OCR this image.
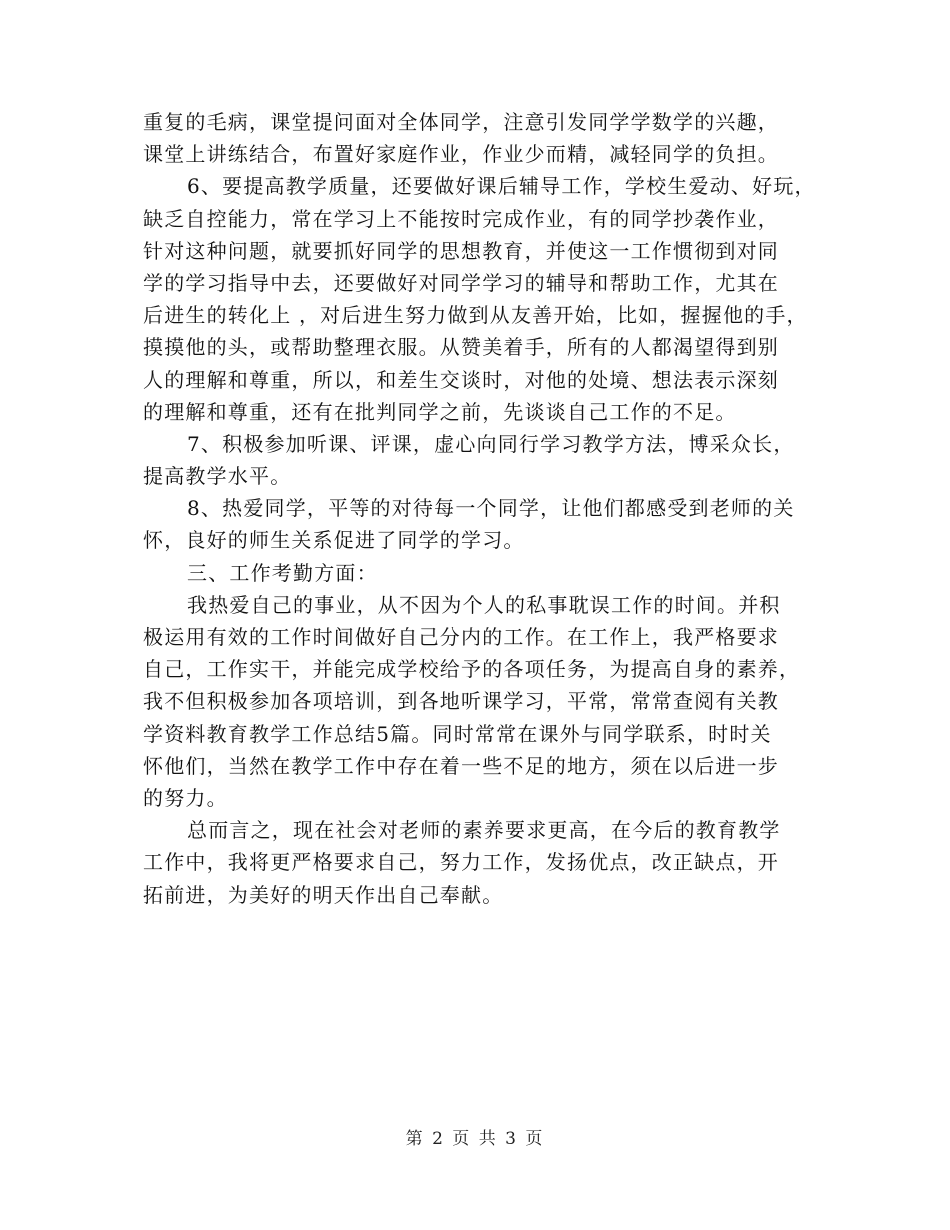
重复的毛病，课堂提问面对全体同学，注意引发同学学数学的兴趣，
课堂上讲练结合，布置好家庭作业，作业少而精，减轻同学的负担。
6、要提高教学质量，还要做好课后辅导工作，学校生爱动、好玩，
缺乏自控能力，常在学习上不能按时完成作业，有的同学抄袭作业，
针对这种问题，就要抓好同学的思想教育，并使这一工作惯彻到对同
学的学习指导中去，还要做好对同学学习的辅导和帮助工作，尤其在
后进生的转化上 ，对后进生努力做到从友善开始，比如，握握他的手，
摸摸他的头，或帮助整理衣服。从赞美着手，所有的人都渴望得到别
人的理解和尊重，所以，和差生交谈时，对他的处境、想法表示深刻
的理解和尊重，还有在批判同学之前，先谈谈自己工作的不足。
7、积极参加听课、评课，虚心向同行学习教学方法，博采众长，
提高教学水平。
8、热爱同学，平等的对待每一个同学，让他们都感受到老师的关
怀，良好的师生关系促进了同学的学习。
三、工作考勤方面：
我热爱自己的事业，从不因为个人的私事耽误工作的时间。并积
极运用有效的工作时间做好自己分内的工作。在工作上，我严格要求
自己，工作实干，并能完成学校给予的各项任务，为提高自身的素养，
我不但积极参加各项培训，到各地听课学习，平常，常常查阅有关教
学资料教育教学工作总结5篇。同时常常在课外与同学联系，时时关
怀他们，当然在教学工作中存在着一些不足的地方，须在以后进一步
的努力。
总而言之，现在社会对老师的素养要求更高，在今后的教育教学
工作中，我将更严格要求自己，努力工作，发扬优点，改正缺点，开
拓前进，为美好的明天作出自己奉献。
第 2 页 共 3 页
